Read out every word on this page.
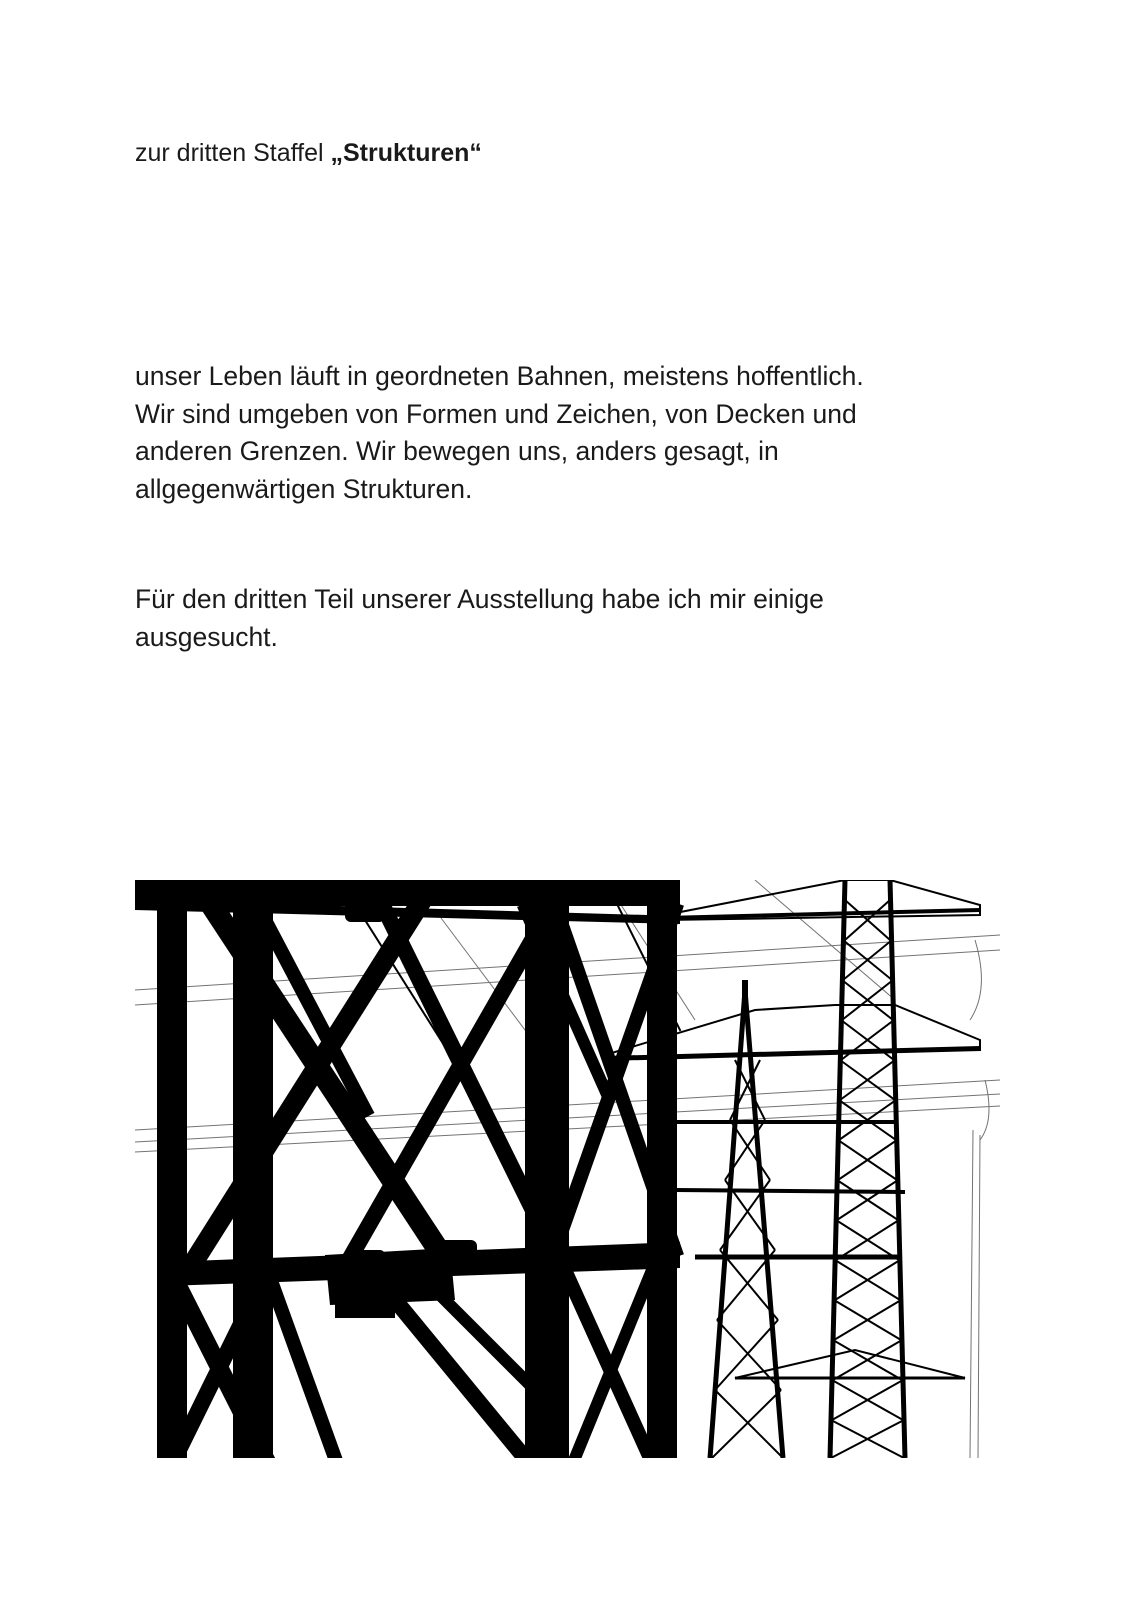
zur dritten Staffel „Strukturen“

unser Leben läuft in geordneten Bahnen, meistens hoffentlich.
Wir sind umgeben von Formen und Zeichen, von Decken und
anderen Grenzen. Wir bewegen uns, anders gesagt, in
allgegenwärtigen Strukturen.

Für den dritten Teil unserer Ausstellung habe ich mir einige
ausgesucht.
